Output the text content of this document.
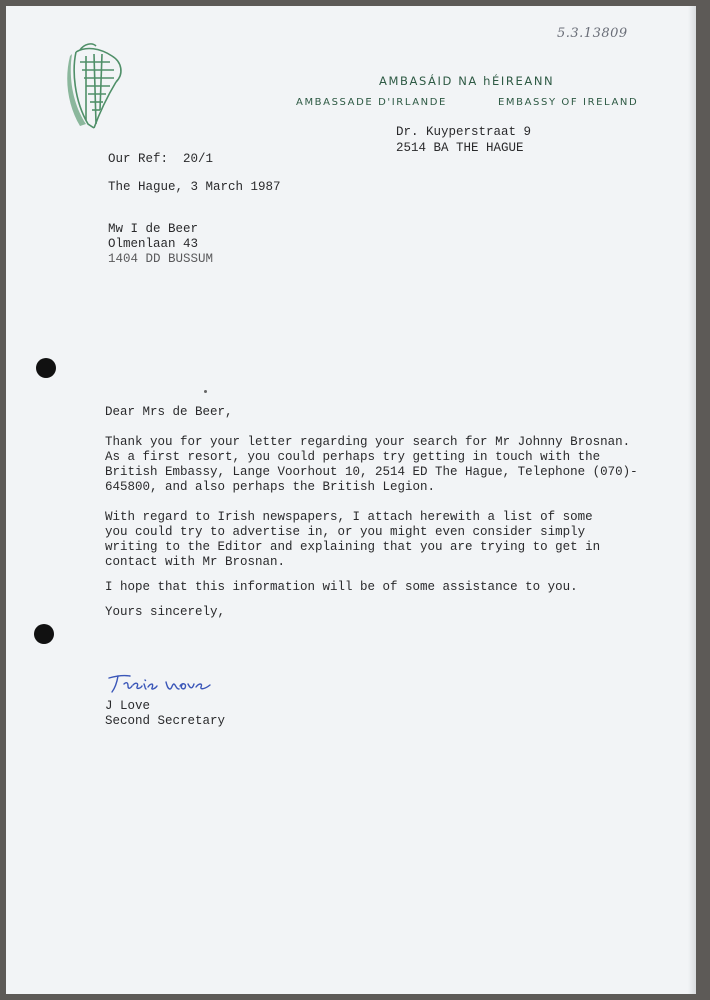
5.3.13809
AMBASÁID NA hÉIREANN
AMBASSADE D'IRLANDE	EMBASSY OF IRELAND
Dr. Kuyperstraat 9
2514 BA THE HAGUE
Our Ref:  20/1
The Hague, 3 March 1987
Mw I de Beer
Olmenlaan 43
1404 DD BUSSUM
Dear Mrs de Beer,
Thank you for your letter regarding your search for Mr Johnny Brosnan.
As a first resort, you could perhaps try getting in touch with the
British Embassy, Lange Voorhout 10, 2514 ED The Hague, Telephone (070)-
645800, and also perhaps the British Legion.
With regard to Irish newspapers, I attach herewith a list of some
you could try to advertise in, or you might even consider simply
writing to the Editor and explaining that you are trying to get in
contact with Mr Brosnan.
I hope that this information will be of some assistance to you.
Yours sincerely,
J Love
Second Secretary
